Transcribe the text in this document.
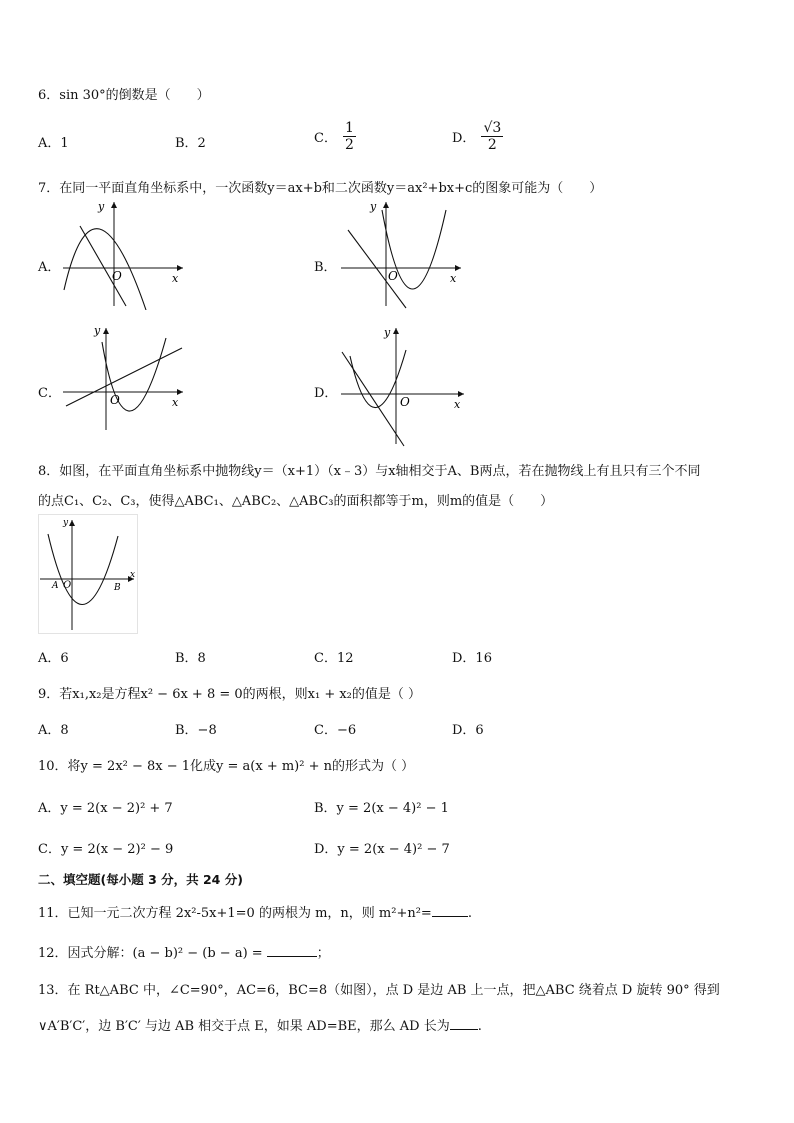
6．sin 30°的倒数是（　　）
A．1	B．2	C． $\frac{1}{2}$	D． $\frac{√3}{2}$
7．在同一平面直角坐标系中，一次函数y＝ax+b和二次函数y＝ax²+bx+c的图象可能为（　　）
A．
x
y
O
B．
x
y
O
C．
x
y
O	D．
x
y
O
8．如图，在平面直角坐标系中抛物线y＝（x+1）（x﹣3）与x轴相交于A、B两点，若在抛物线上有且只有三个不同
的点C₁、C₂、C₃，使得△ABC₁、△ABC₂、△ABC₃的面积都等于m，则m的值是（　　）
x
y
O
A	B
A．6	B．8	C．12	D．16
9．若x₁,x₂是方程x² − 6x + 8 = 0的两根，则x₁ + x₂的值是（ ）
A．8	B．−8	C．−6	D．6
10．将y = 2x² − 8x − 1化成y = a(x + m)² + n的形式为（ ）
A．y = 2(x − 2)² + 7	B．y = 2(x − 4)² − 1
C．y = 2(x − 2)² − 9	D．y = 2(x − 4)² − 7
二、填空题(每小题 3 分，共 24 分)
11．已知一元二次方程 2x²-5x+1=0 的两根为 m，n，则 m²+n²=	.
12．因式分解：(a − b)² − (b − a) =	；
13．在 Rt△ABC 中，∠C=90°，AC=6，BC=8（如图），点 D 是边 AB 上一点，把△ABC 绕着点 D 旋转 90° 得到
∨A′B′C′，边 B′C′ 与边 AB 相交于点 E，如果 AD=BE，那么 AD 长为 .
